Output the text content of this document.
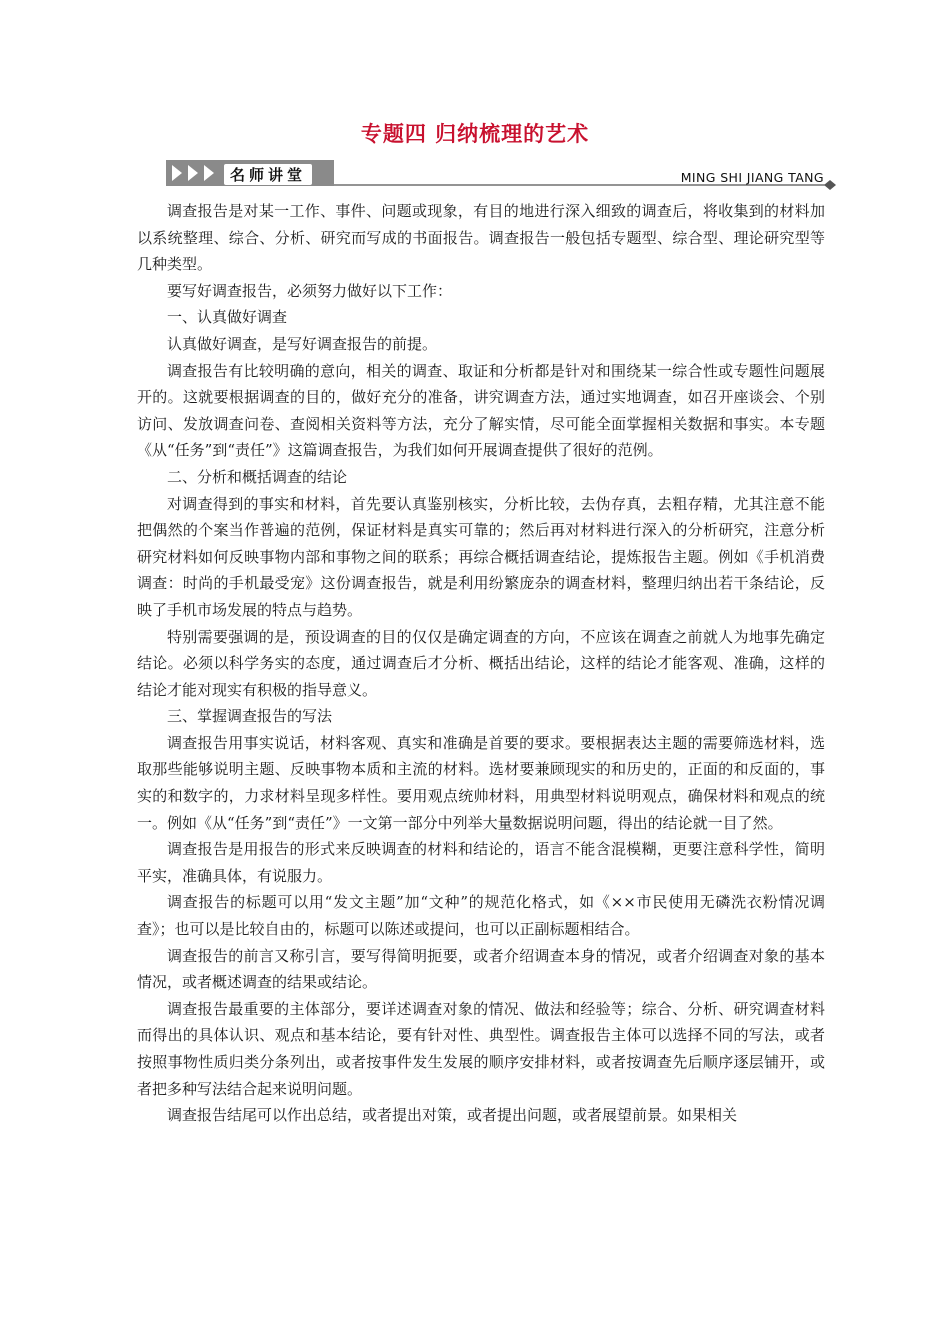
专题四 归纳梳理的艺术
名师讲堂	MING SHI JIANG TANG

调查报告是对某一工作、事件、问题或现象，有目的地进行深入细致的调查后，将收集到的材料加以系统整理、综合、分析、研究而写成的书面报告。调查报告一般包括专题型、综合型、理论研究型等几种类型。

要写好调查报告，必须努力做好以下工作：

一、认真做好调查

认真做好调查，是写好调查报告的前提。

调查报告有比较明确的意向，相关的调查、取证和分析都是针对和围绕某一综合性或专题性问题展开的。这就要根据调查的目的，做好充分的准备，讲究调查方法，通过实地调查，如召开座谈会、个别访问、发放调查问卷、查阅相关资料等方法，充分了解实情，尽可能全面掌握相关数据和事实。本专题《从“任务”到“责任”》这篇调查报告，为我们如何开展调查提供了很好的范例。

二、分析和概括调查的结论

对调查得到的事实和材料，首先要认真鉴别核实，分析比较，去伪存真，去粗存精，尤其注意不能把偶然的个案当作普遍的范例，保证材料是真实可靠的；然后再对材料进行深入的分析研究，注意分析研究材料如何反映事物内部和事物之间的联系；再综合概括调查结论，提炼报告主题。例如《手机消费调查：时尚的手机最受宠》这份调查报告，就是利用纷繁庞杂的调查材料，整理归纳出若干条结论，反映了手机市场发展的特点与趋势。

特别需要强调的是，预设调查的目的仅仅是确定调查的方向，不应该在调查之前就人为地事先确定结论。必须以科学务实的态度，通过调查后才分析、概括出结论，这样的结论才能客观、准确，这样的结论才能对现实有积极的指导意义。

三、掌握调查报告的写法

调查报告用事实说话，材料客观、真实和准确是首要的要求。要根据表达主题的需要筛选材料，选取那些能够说明主题、反映事物本质和主流的材料。选材要兼顾现实的和历史的，正面的和反面的，事实的和数字的，力求材料呈现多样性。要用观点统帅材料，用典型材料说明观点，确保材料和观点的统一。例如《从“任务”到“责任”》一文第一部分中列举大量数据说明问题，得出的结论就一目了然。

调查报告是用报告的形式来反映调查的材料和结论的，语言不能含混模糊，更要注意科学性，简明平实，准确具体，有说服力。

调查报告的标题可以用“发文主题”加“文种”的规范化格式，如《××市民使用无磷洗衣粉情况调查》；也可以是比较自由的，标题可以陈述或提问，也可以正副标题相结合。

调查报告的前言又称引言，要写得简明扼要，或者介绍调查本身的情况，或者介绍调查对象的基本情况，或者概述调查的结果或结论。

调查报告最重要的主体部分，要详述调查对象的情况、做法和经验等；综合、分析、研究调查材料而得出的具体认识、观点和基本结论，要有针对性、典型性。调查报告主体可以选择不同的写法，或者按照事物性质归类分条列出，或者按事件发生发展的顺序安排材料，或者按调查先后顺序逐层铺开，或者把多种写法结合起来说明问题。

调查报告结尾可以作出总结，或者提出对策，或者提出问题，或者展望前景。如果相关
